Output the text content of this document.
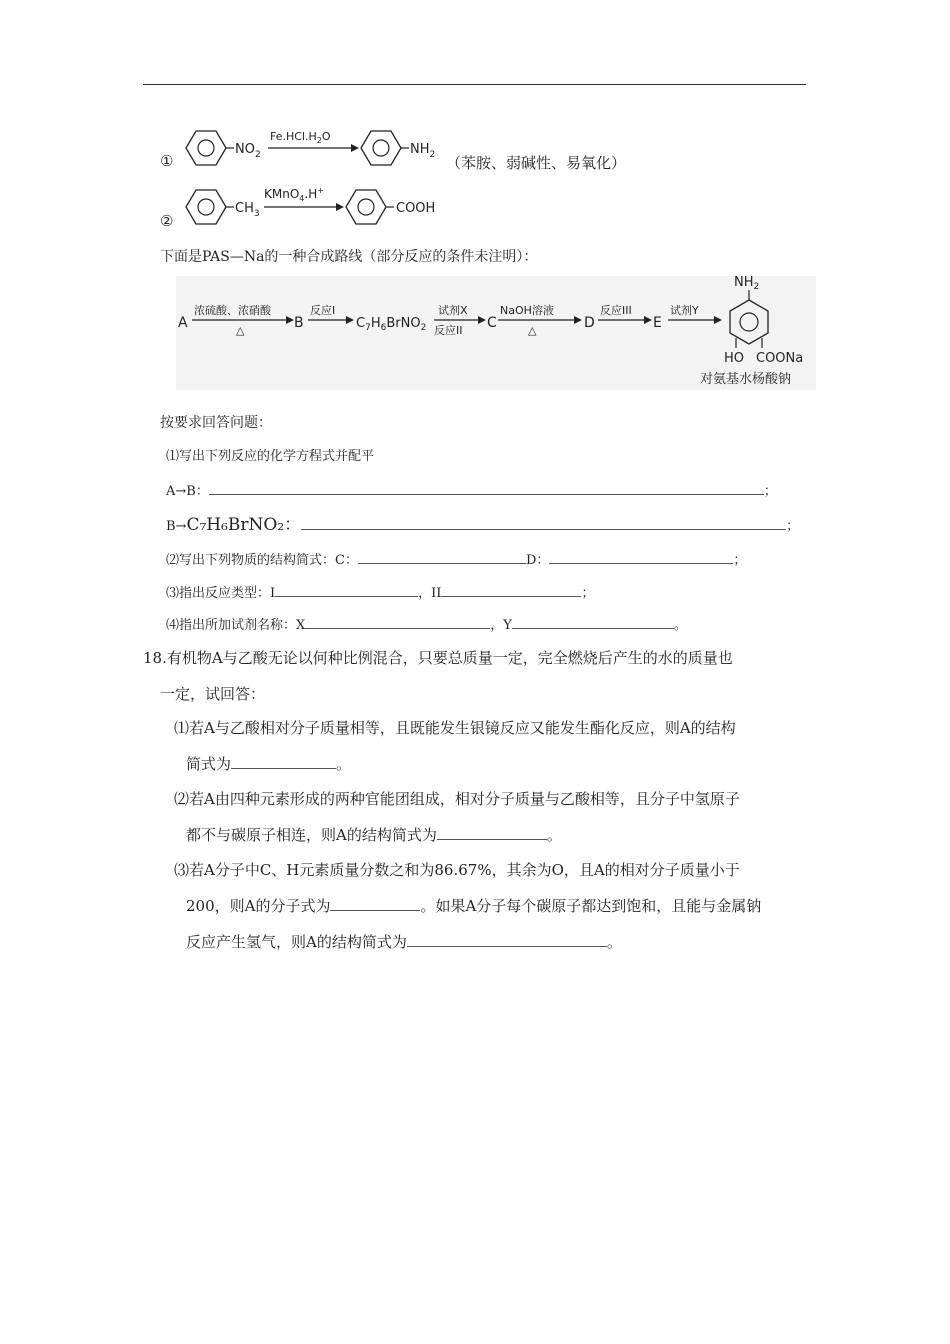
①
$NO_2$
$Fe.HCl.H_2O$
$NH_2$ （苯胺、弱碱性、易氧化）
②
$CH_3$
KMnO$_4$.H+
COOH
下面是PAS—Na的一种合成路线（部分反应的条件未注明）：
A
浓硫酸、浓硝酸
△	B
反应I
$C_7H_6BrNO_2$
试剂X
反应II C
NaOH溶液
△	D
反应III
E
试剂Y
$NH_2$
HO COONa
对氨基水杨酸钠
按要求回答问题：
⑴写出下列反应的化学方程式并配平
A→B：	；
B→C₇H₆BrNO₂：	；
⑵写出下列物质的结构简式：C：	D：	；
⑶指出反应类型：I	，II	；
⑷指出所加试剂名称：X	，Y	。
18.有机物A与乙酸无论以何种比例混合，只要总质量一定，完全燃烧后产生的水的质量也
一定，试回答：
⑴若A与乙酸相对分子质量相等，且既能发生银镜反应又能发生酯化反应，则A的结构
简式为	。
⑵若A由四种元素形成的两种官能团组成，相对分子质量与乙酸相等，且分子中氢原子
都不与碳原子相连，则A的结构简式为	。
⑶若A分子中C、H元素质量分数之和为86.67%，其余为O，且A的相对分子质量小于
200，则A的分子式为	。如果A分子每个碳原子都达到饱和，且能与金属钠
反应产生氢气，则A的结构简式为	。
